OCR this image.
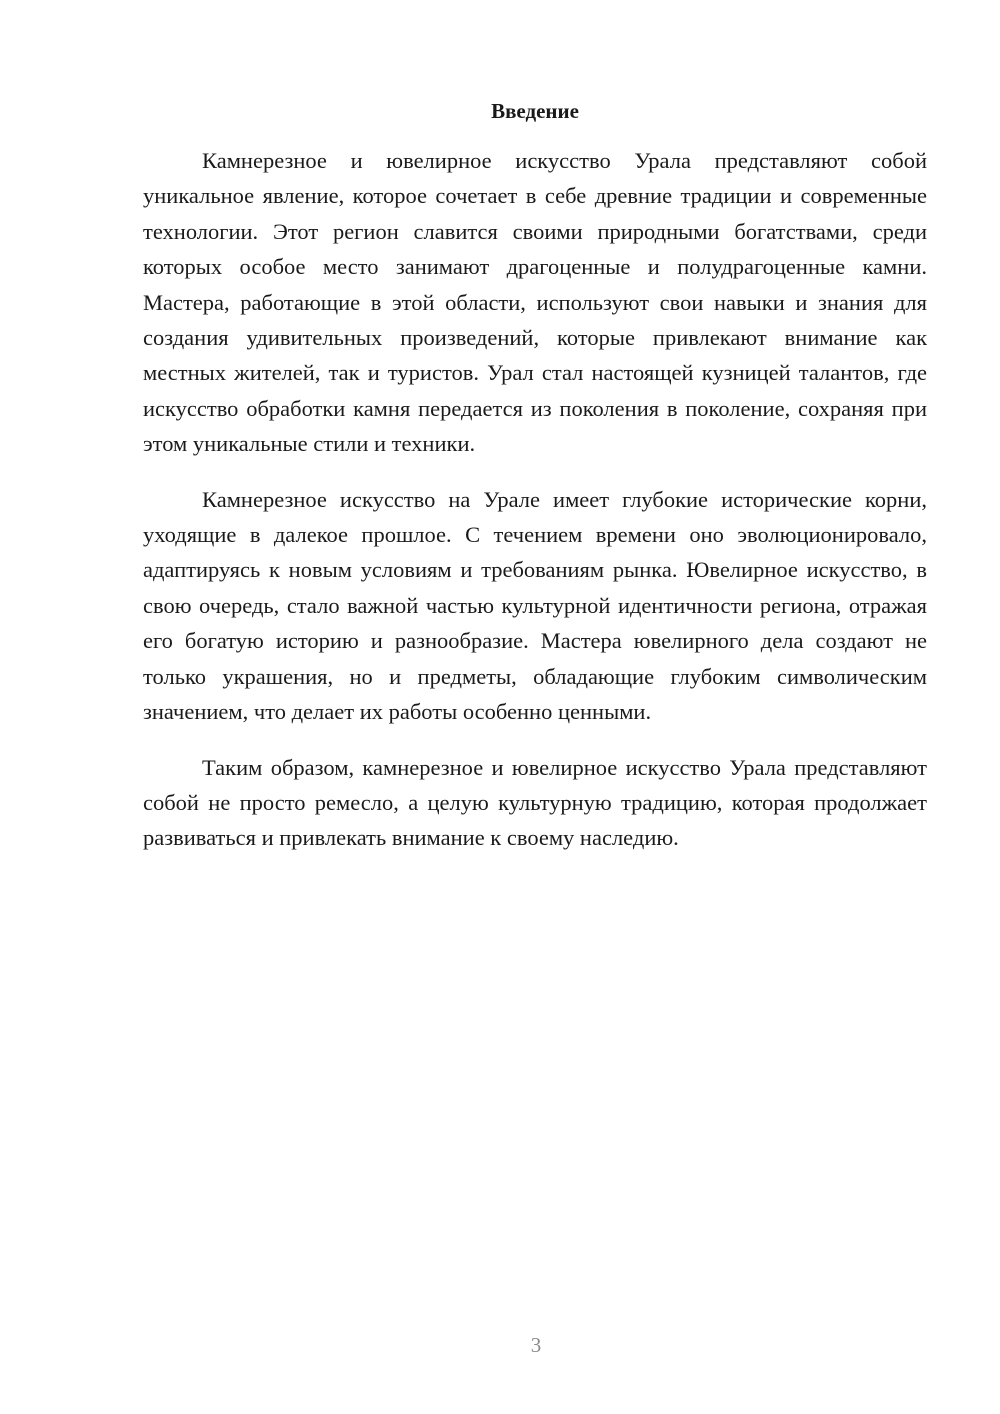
Введение

Камнерезное и ювелирное искусство Урала представляют собой уникальное явление, которое сочетает в себе древние традиции и современные технологии. Этот регион славится своими природными богатствами, среди которых особое место занимают драгоценные и полудрагоценные камни. Мастера, работающие в этой области, используют свои навыки и знания для создания удивительных произведений, которые привлекают внимание как местных жителей, так и туристов. Урал стал настоящей кузницей талантов, где искусство обработки камня передается из поколения в поколение, сохраняя при этом уникальные стили и техники.

Камнерезное искусство на Урале имеет глубокие исторические корни, уходящие в далекое прошлое. С течением времени оно эволюционировало, адаптируясь к новым условиям и требованиям рынка. Ювелирное искусство, в свою очередь, стало важной частью культурной идентичности региона, отражая его богатую историю и разнообразие. Мастера ювелирного дела создают не только украшения, но и предметы, обладающие глубоким символическим значением, что делает их работы особенно ценными.

Таким образом, камнерезное и ювелирное искусство Урала представляют собой не просто ремесло, а целую культурную традицию, которая продолжает развиваться и привлекать внимание к своему наследию.

3
